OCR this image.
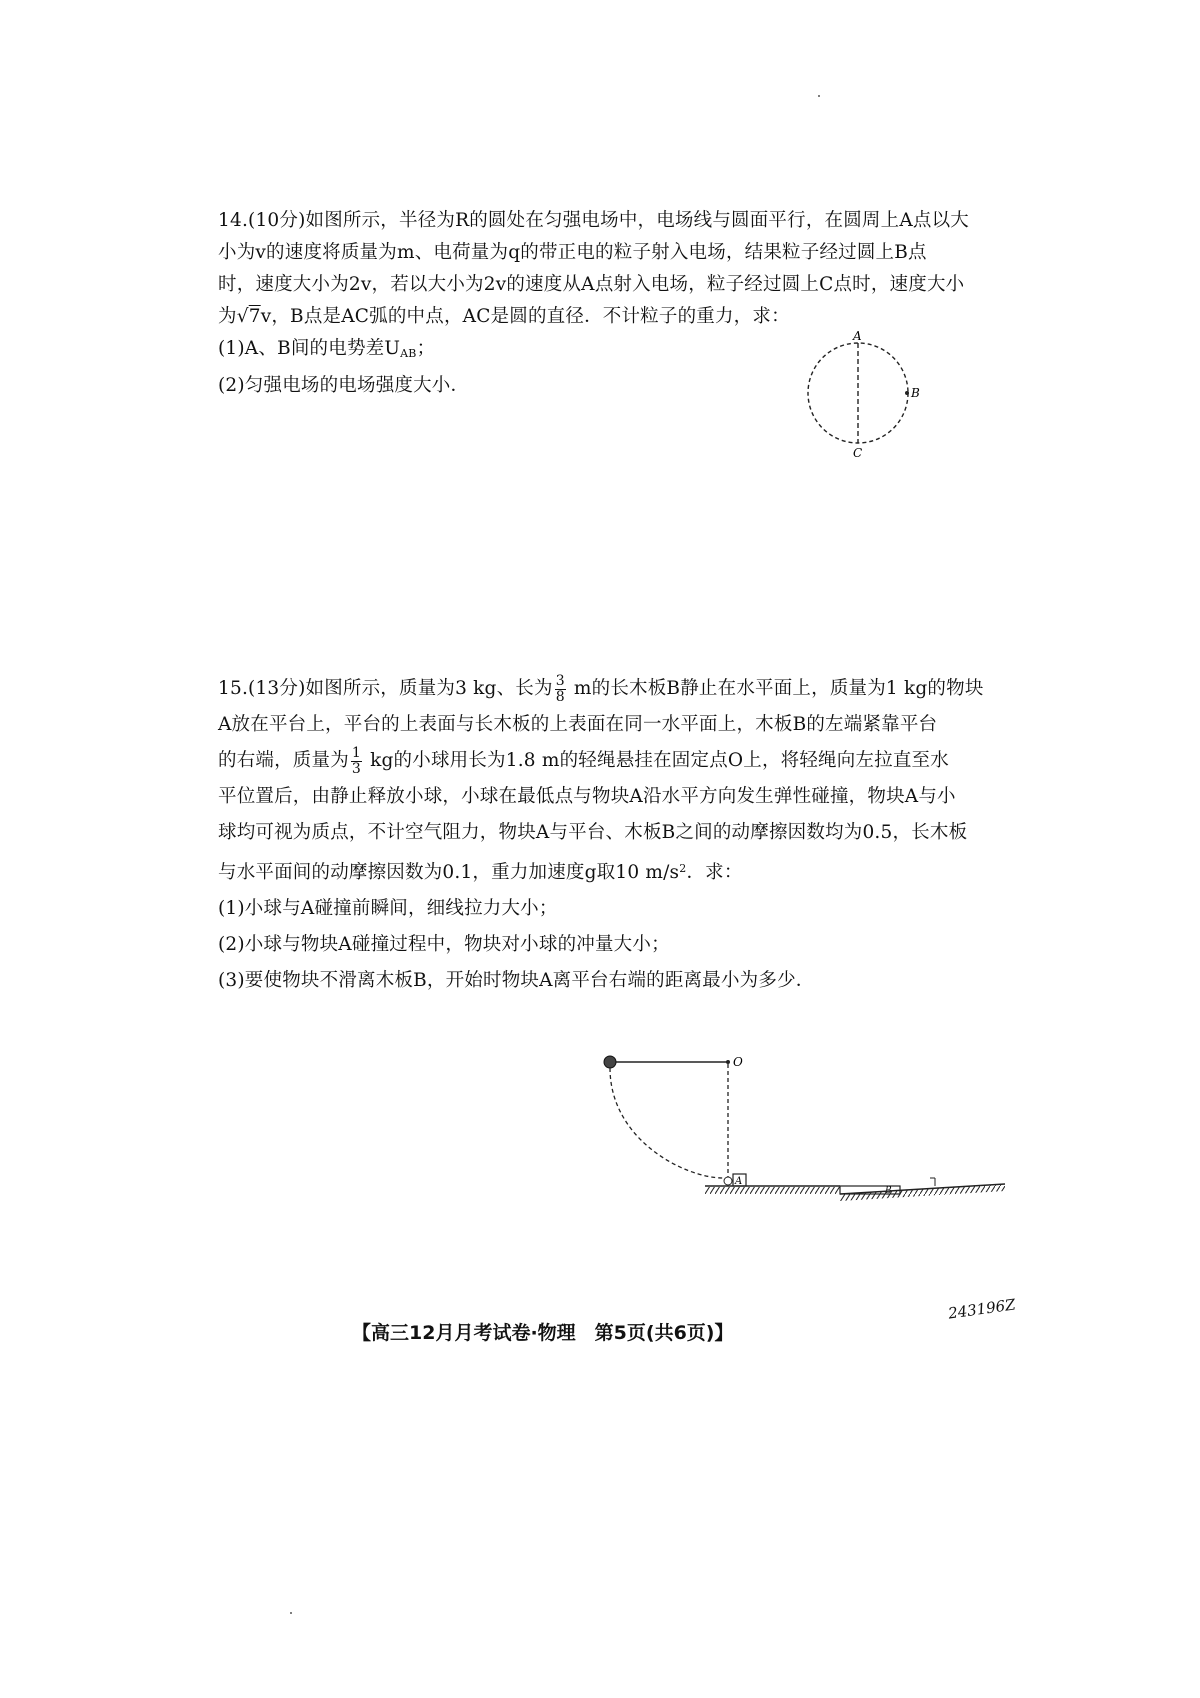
14.(10分)如图所示，半径为R的圆处在匀强电场中，电场线与圆面平行，在圆周上A点以大
小为v的速度将质量为m、电荷量为q的带正电的粒子射入电场，结果粒子经过圆上B点
时，速度大小为2v，若以大小为2v的速度从A点射入电场，粒子经过圆上C点时，速度大小
为√7v，B点是AC弧的中点，AC是圆的直径．不计粒子的重力，求：
(1)A、B间的电势差$U_{AB}$；
(2)匀强电场的电场强度大小．
A
B
C
15.(13分)如图所示，质量为3 kg、长为 $\frac{3}{8}$ m的长木板B静止在水平面上，质量为1 kg的物块
A放在平台上，平台的上表面与长木板的上表面在同一水平面上，木板B的左端紧靠平台
的右端，质量为 $\frac{1}{3}$ kg的小球用长为1.8 m的轻绳悬挂在固定点O上，将轻绳向左拉直至水
平位置后，由静止释放小球，小球在最低点与物块A沿水平方向发生弹性碰撞，物块A与小
球均可视为质点，不计空气阻力，物块A与平台、木板B之间的动摩擦因数均为0.5，长木板
与水平面间的动摩擦因数为0.1，重力加速度g取10 $m/s^2$．求：
(1)小球与A碰撞前瞬间，细线拉力大小；
(2)小球与物块A碰撞过程中，物块对小球的冲量大小；
(3)要使物块不滑离木板B，开始时物块A离平台右端的距离最小为多少．
O
A
【高三12月月考试卷·物理　第5页(共6页)】
243196Z
